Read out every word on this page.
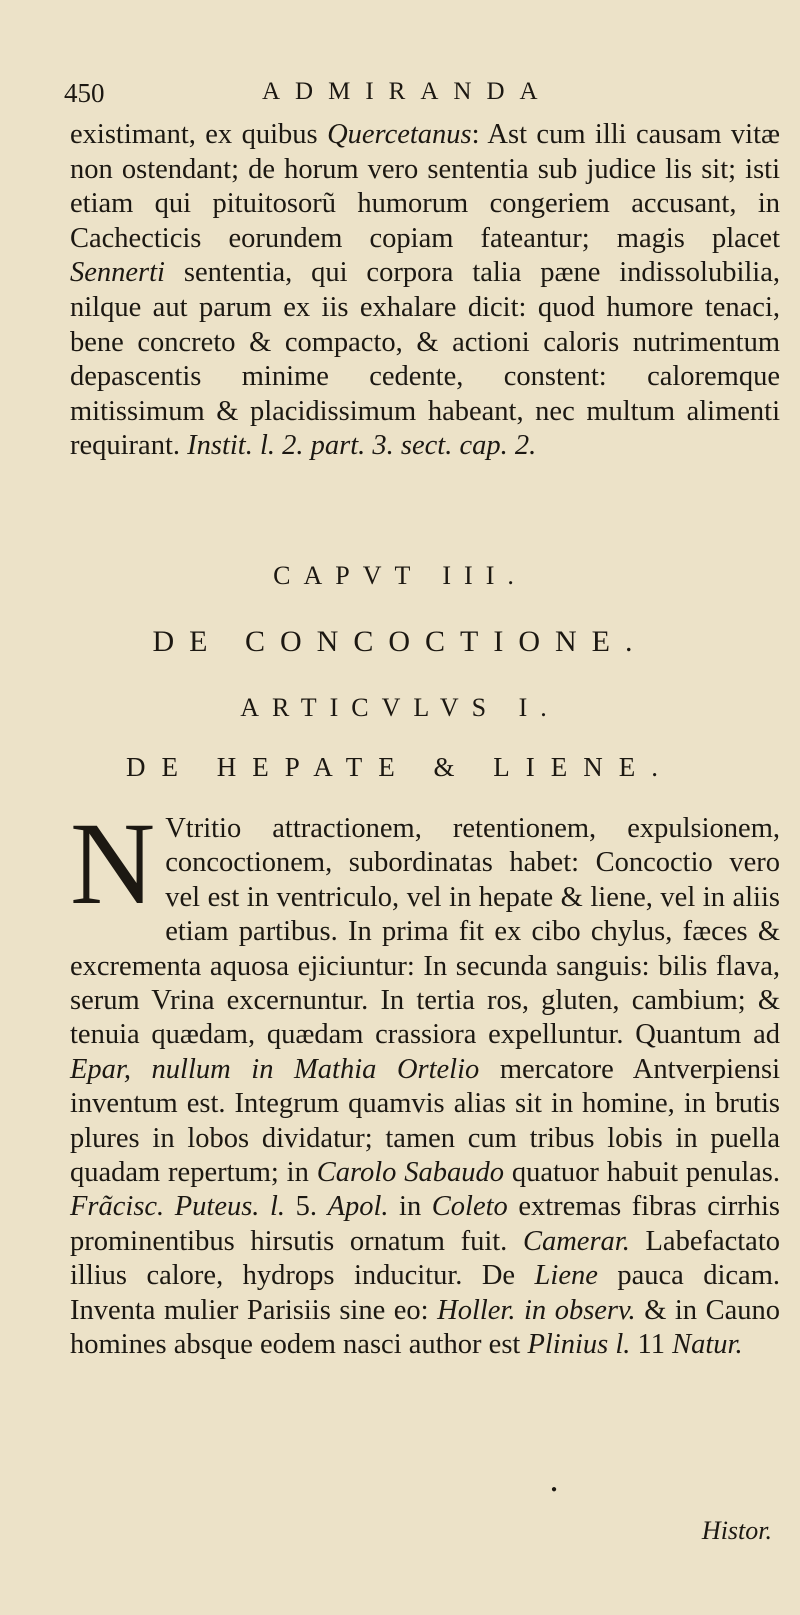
450	ADMIRANDA

existimant, ex quibus Quercetanus: Ast cum illi causam vitæ non ostendant; de horum vero sententia sub judice lis sit; isti etiam qui pituitosorũ humorum congeriem accusant, in Cachecticis eorundem copiam fateantur; magis placet Sennerti sententia, qui corpora talia pæne indissolubilia, nilque aut parum ex iis exhalare dicit: quod humore tenaci, bene concreto & compacto, & actioni caloris nutrimentum depascentis minime cedente, constent: caloremque mitissimum & placidissimum habeant, nec multum alimenti requirant. Instit. l. 2. part. 3. sect. cap. 2.

CAPVT III.
DE CONCOCTIONE.
ARTICVLVS I.
DE HEPATE & LIENE.
N Vtritio attractionem, retentionem, expulsionem, concoctionem, subordinatas habet: Concoctio vero vel est in ventriculo, vel in hepate & liene, vel in aliis etiam partibus. In prima fit ex cibo chylus, fæces & excrementa aquosa ejiciuntur: In secunda sanguis: bilis flava, serum Vrina excernuntur. In tertia ros, gluten, cambium; & tenuia quædam, quædam crassiora expelluntur. Quantum ad Epar, nullum in Mathia Ortelio mercatore Antverpiensi inventum est. Integrum quamvis alias sit in homine, in brutis plures in lobos dividatur; tamen cum tribus lobis in puella quadam repertum; in Carolo Sabaudo quatuor habuit penulas. Frãcisc. Puteus. l. 5. Apol. in Coleto extremas fibras cirrhis prominentibus hirsutis ornatum fuit. Camerar. Labefactato illius calore, hydrops inducitur. De Liene pauca dicam. Inventa mulier Parisiis sine eo: Holler. in observ. & in Cauno homines absque eodem nasci author est Plinius l. 11 Natur.
Histor.
●
